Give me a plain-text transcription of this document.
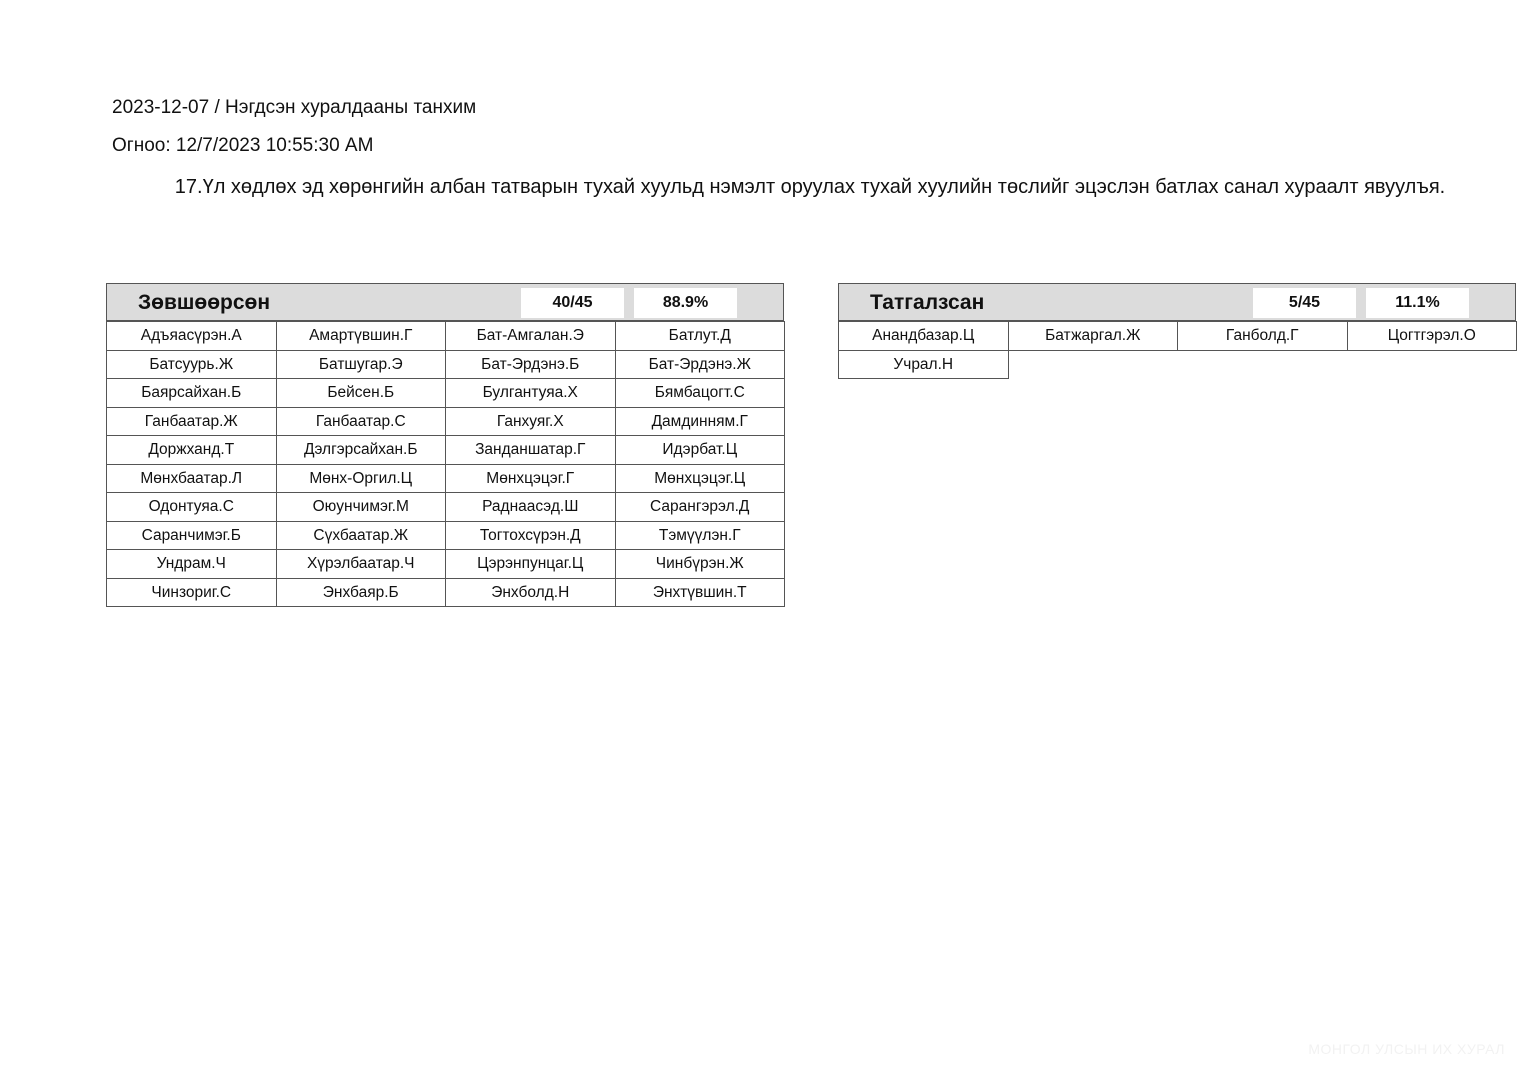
2023-12-07 / Нэгдсэн хуралдааны танхим
Огноо: 12/7/2023 10:55:30 AM
17.Үл хөдлөх эд хөрөнгийн албан татварын тухай хуульд нэмэлт оруулах тухай хуулийн төслийг эцэслэн батлах санал хураалт явуулъя.
Зөвшөөрсөн	40/45	88.9%
Адъяасүрэн.А	Амартүвшин.Г	Бат-Амгалан.Э	Батлут.Д
Батсуурь.Ж	Батшугар.Э	Бат-Эрдэнэ.Б	Бат-Эрдэнэ.Ж
Баярсайхан.Б	Бейсен.Б	Булгантуяа.Х	Бямбацогт.С
Ганбаатар.Ж	Ганбаатар.С	Ганхуяг.Х	Дамдинням.Г
Доржханд.Т	Дэлгэрсайхан.Б	Занданшатар.Г	Идэрбат.Ц
Мөнхбаатар.Л	Мөнх-Оргил.Ц	Мөнхцэцэг.Г	Мөнхцэцэг.Ц
Одонтуяа.С	Оюунчимэг.М	Раднаасэд.Ш	Сарангэрэл.Д
Саранчимэг.Б	Сүхбаатар.Ж	Тогтохсүрэн.Д	Тэмүүлэн.Г
Ундрам.Ч	Хүрэлбаатар.Ч	Цэрэнпунцаг.Ц	Чинбүрэн.Ж
Чинзориг.С	Энхбаяр.Б	Энхболд.Н	Энхтүвшин.Т
Татгалзсан	5/45	11.1%
Анандбазар.Ц	Батжаргал.Ж	Ганболд.Г	Цогтгэрэл.О
Учрал.Н
МОНГОЛ УЛСЫН ИХ ХУРАЛ
